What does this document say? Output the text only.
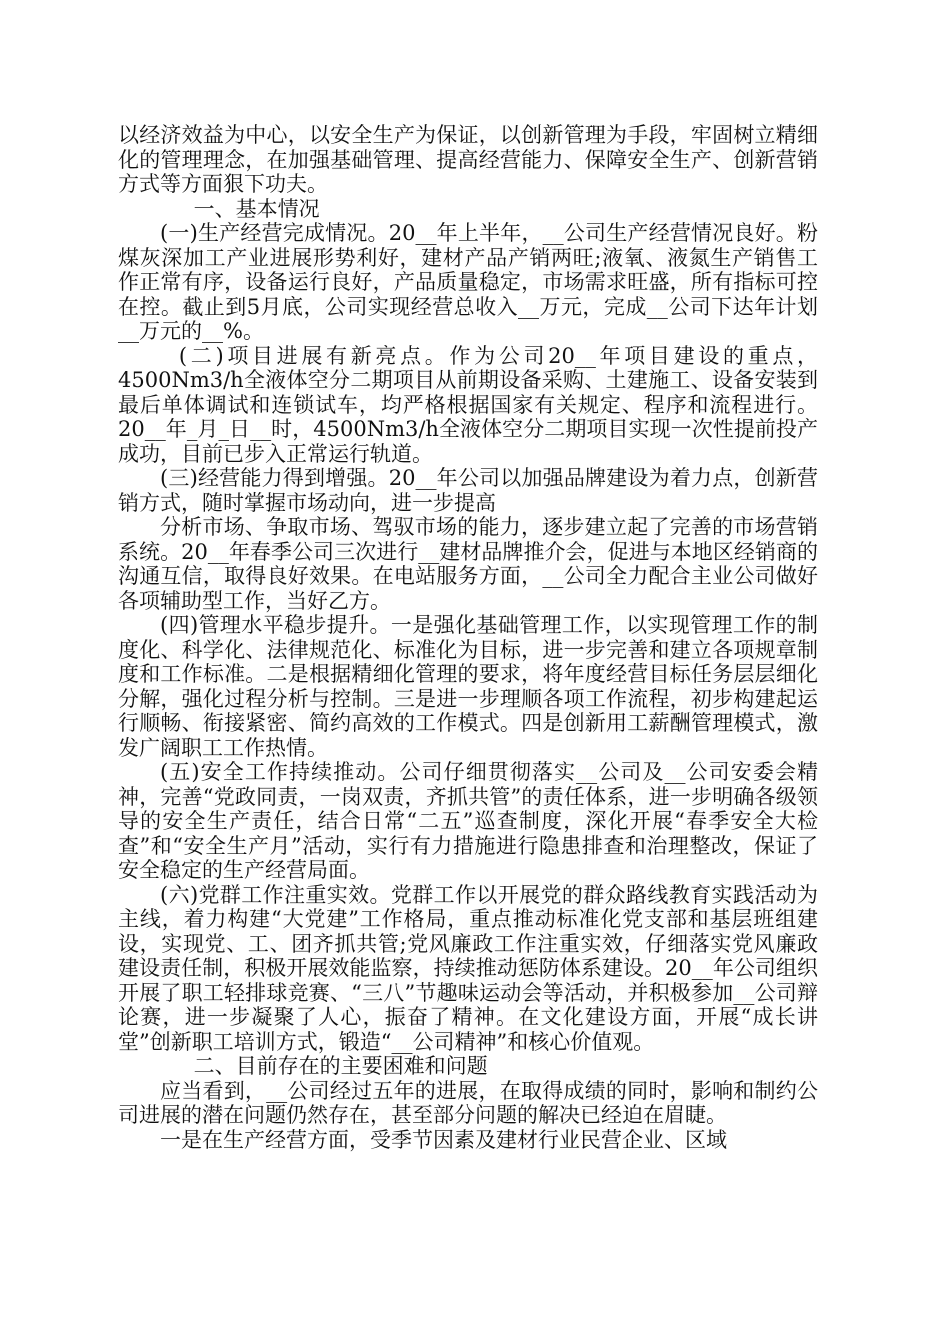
以经济效益为中心，以安全生产为保证，以创新管理为手段，牢固树立精细化的管理理念，在加强基础管理、提高经营能力、保障安全生产、创新营销方式等方面狠下功夫。

一、基本情况

(一)生产经营完成情况。20__年上半年，__公司生产经营情况良好。粉煤灰深加工产业进展形势利好，建材产品产销两旺;液氧、液氮生产销售工作正常有序，设备运行良好，产品质量稳定，市场需求旺盛，所有指标可控在控。截止到5月底，公司实现经营总收入__万元，完成__公司下达年计划__万元的__%。

(二)项目进展有新亮点。作为公司20__年项目建设的重点，4500Nm3/h全液体空分二期项目从前期设备采购、土建施工、设备安装到最后单体调试和连锁试车，均严格根据国家有关规定、程序和流程进行。20__年_月_日__时，4500Nm3/h全液体空分二期项目实现一次性提前投产成功，目前已步入正常运行轨道。

(三)经营能力得到增强。20__年公司以加强品牌建设为着力点，创新营销方式，随时掌握市场动向，进一步提高

分析市场、争取市场、驾驭市场的能力，逐步建立起了完善的市场营销系统。20__年春季公司三次进行__建材品牌推介会，促进与本地区经销商的沟通互信，取得良好效果。在电站服务方面，__公司全力配合主业公司做好各项辅助型工作，当好乙方。

(四)管理水平稳步提升。一是强化基础管理工作，以实现管理工作的制度化、科学化、法律规范化、标准化为目标，进一步完善和建立各项规章制度和工作标准。二是根据精细化管理的要求，将年度经营目标任务层层细化分解，强化过程分析与控制。三是进一步理顺各项工作流程，初步构建起运行顺畅、衔接紧密、简约高效的工作模式。四是创新用工薪酬管理模式，激发广阔职工工作热情。

(五)安全工作持续推动。公司仔细贯彻落实__公司及__公司安委会精神，完善“党政同责，一岗双责，齐抓共管”的责任体系，进一步明确各级领导的安全生产责任，结合日常“二五”巡查制度，深化开展“春季安全大检查”和“安全生产月”活动，实行有力措施进行隐患排查和治理整改，保证了安全稳定的生产经营局面。

(六)党群工作注重实效。党群工作以开展党的群众路线教育实践活动为主线，着力构建“大党建”工作格局，重点推动标准化党支部和基层班组建设，实现党、工、团齐抓共管;党风廉政工作注重实效，仔细落实党风廉政建设责任制，积极开展效能监察，持续推动惩防体系建设。20__年公司组织开展了职工轻排球竞赛、“三八”节趣味运动会等活动，并积极参加__公司辩论赛，进一步凝聚了人心，振奋了精神。在文化建设方面，开展“成长讲堂”创新职工培训方式，锻造“__公司精神”和核心价值观。

二、目前存在的主要困难和问题

应当看到，__公司经过五年的进展，在取得成绩的同时，影响和制约公司进展的潜在问题仍然存在，甚至部分问题的解决已经迫在眉睫。

一是在生产经营方面，受季节因素及建材行业民营企业、区域
